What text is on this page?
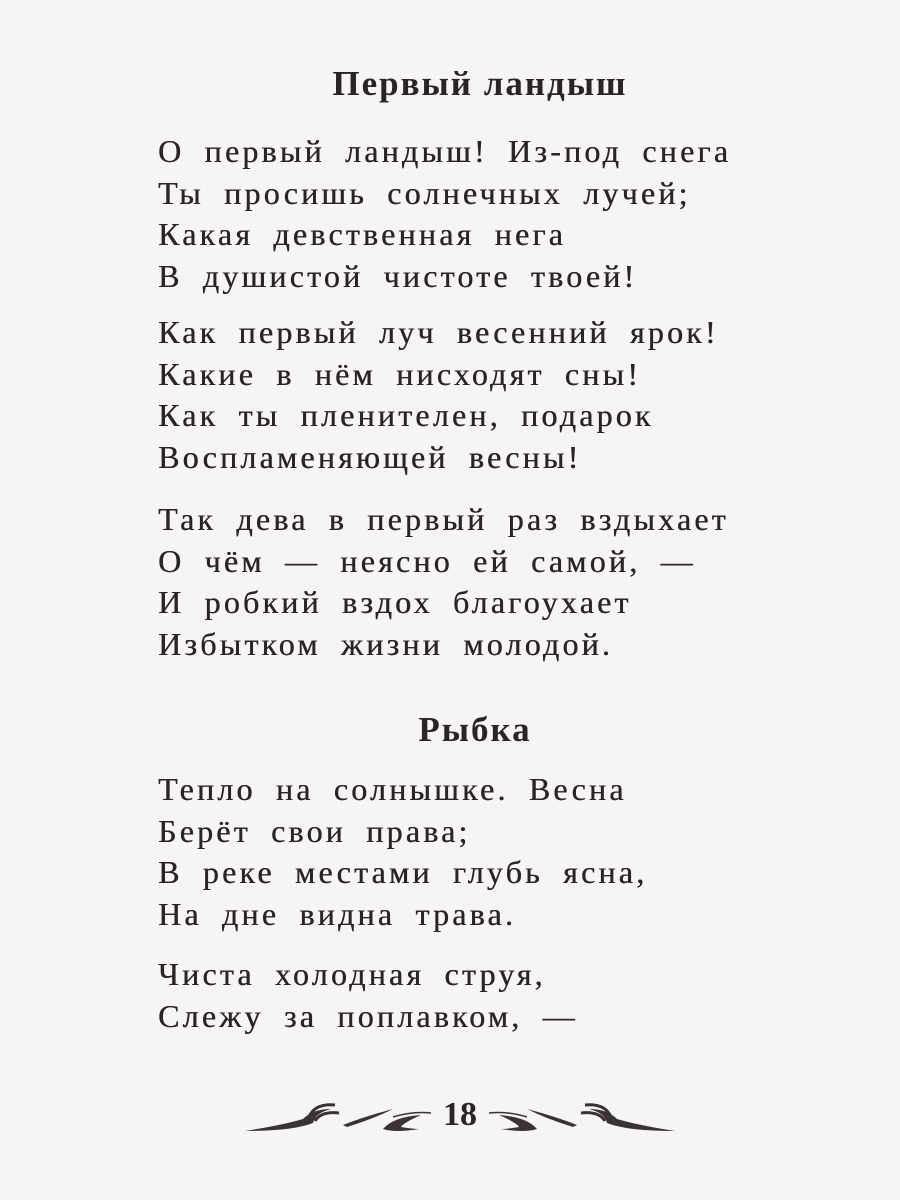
Первый ландыш
О первый ландыш! Из-под снега
Ты просишь солнечных лучей;
Какая девственная нега
В душистой чистоте твоей!
Как первый луч весенний ярок!
Какие в нём нисходят сны!
Как ты пленителен, подарок
Воспламеняющей весны!
Так дева в первый раз вздыхает
О чём — неясно ей самой, —
И робкий вздох благоухает
Избытком жизни молодой.
Рыбка
Тепло на солнышке. Весна
Берёт свои права;
В реке местами глубь ясна,
На дне видна трава.
Чиста холодная струя,
Слежу за поплавком, —
18
